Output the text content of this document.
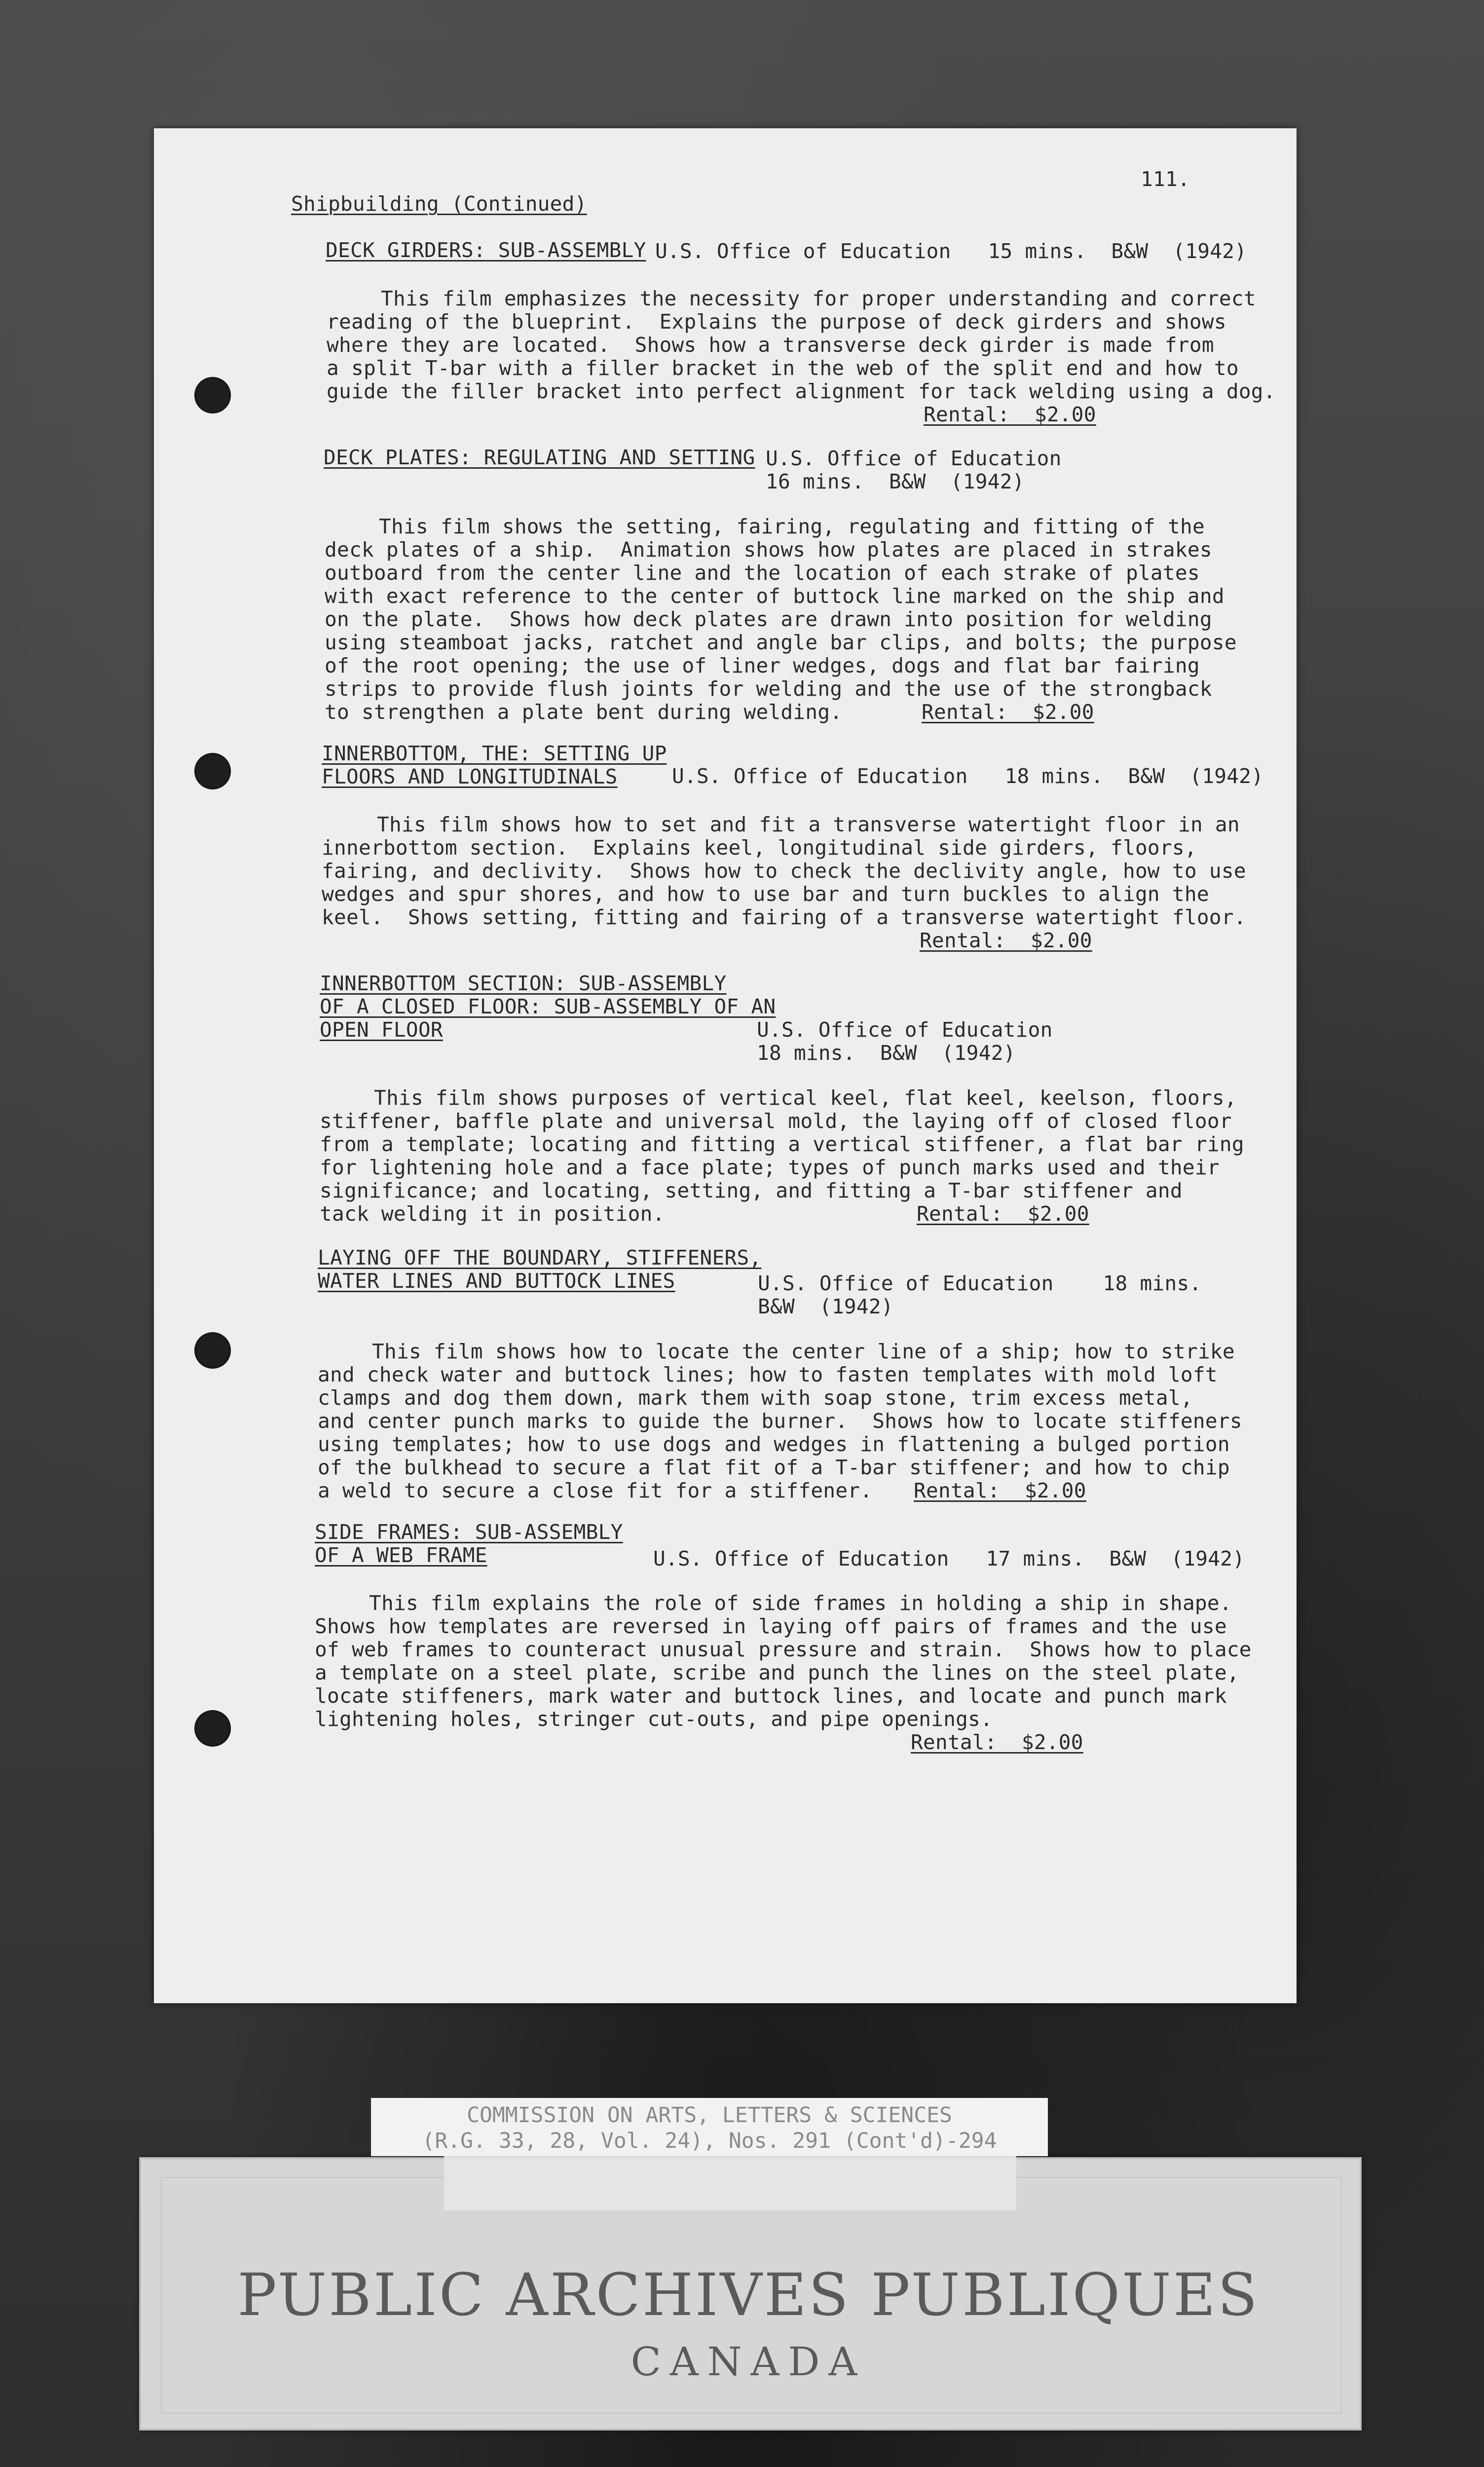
111.
Shipbuilding (Continued)
DECK GIRDERS: SUB-ASSEMBLY U.S. Office of Education   15 mins.  B&W  (1942)
This film emphasizes the necessity for proper understanding and correct
reading of the blueprint.  Explains the purpose of deck girders and shows
where they are located.  Shows how a transverse deck girder is made from
a split T-bar with a filler bracket in the web of the split end and how to
guide the filler bracket into perfect alignment for tack welding using a dog.
Rental:  $2.00
DECK PLATES: REGULATING AND SETTING U.S. Office of Education
16 mins.  B&W  (1942)
This film shows the setting, fairing, regulating and fitting of the
deck plates of a ship.  Animation shows how plates are placed in strakes
outboard from the center line and the location of each strake of plates
with exact reference to the center of buttock line marked on the ship and
on the plate.  Shows how deck plates are drawn into position for welding
using steamboat jacks, ratchet and angle bar clips, and bolts; the purpose
of the root opening; the use of liner wedges, dogs and flat bar fairing
strips to provide flush joints for welding and the use of the strongback
to strengthen a plate bent during welding.	Rental:  $2.00
INNERBOTTOM, THE: SETTING UP
FLOORS AND LONGITUDINALS	U.S. Office of Education   18 mins.  B&W  (1942)
This film shows how to set and fit a transverse watertight floor in an
innerbottom section.  Explains keel, longitudinal side girders, floors,
fairing, and declivity.  Shows how to check the declivity angle, how to use
wedges and spur shores, and how to use bar and turn buckles to align the
keel.  Shows setting, fitting and fairing of a transverse watertight floor.
Rental:  $2.00
INNERBOTTOM SECTION: SUB-ASSEMBLY
OF A CLOSED FLOOR: SUB-ASSEMBLY OF AN
OPEN FLOOR	U.S. Office of Education
18 mins.  B&W  (1942)
This film shows purposes of vertical keel, flat keel, keelson, floors,
stiffener, baffle plate and universal mold, the laying off of closed floor
from a template; locating and fitting a vertical stiffener, a flat bar ring
for lightening hole and a face plate; types of punch marks used and their
significance; and locating, setting, and fitting a T-bar stiffener and
tack welding it in position.	Rental:  $2.00
LAYING OFF THE BOUNDARY, STIFFENERS,
WATER LINES AND BUTTOCK LINES	U.S. Office of Education    18 mins.
B&W  (1942)
This film shows how to locate the center line of a ship; how to strike
and check water and buttock lines; how to fasten templates with mold loft
clamps and dog them down, mark them with soap stone, trim excess metal,
and center punch marks to guide the burner.  Shows how to locate stiffeners
using templates; how to use dogs and wedges in flattening a bulged portion
of the bulkhead to secure a flat fit of a T-bar stiffener; and how to chip
a weld to secure a close fit for a stiffener. Rental:  $2.00
SIDE FRAMES: SUB-ASSEMBLY
OF A WEB FRAME	U.S. Office of Education   17 mins.  B&W  (1942)
This film explains the role of side frames in holding a ship in shape.
Shows how templates are reversed in laying off pairs of frames and the use
of web frames to counteract unusual pressure and strain.  Shows how to place
a template on a steel plate, scribe and punch the lines on the steel plate,
locate stiffeners, mark water and buttock lines, and locate and punch mark
lightening holes, stringer cut-outs, and pipe openings.
Rental:  $2.00
PUBLIC ARCHIVES PUBLIQUES
CANADA
COMMISSION ON ARTS, LETTERS & SCIENCES
(R.G. 33, 28, Vol. 24), Nos. 291 (Cont'd)-294
